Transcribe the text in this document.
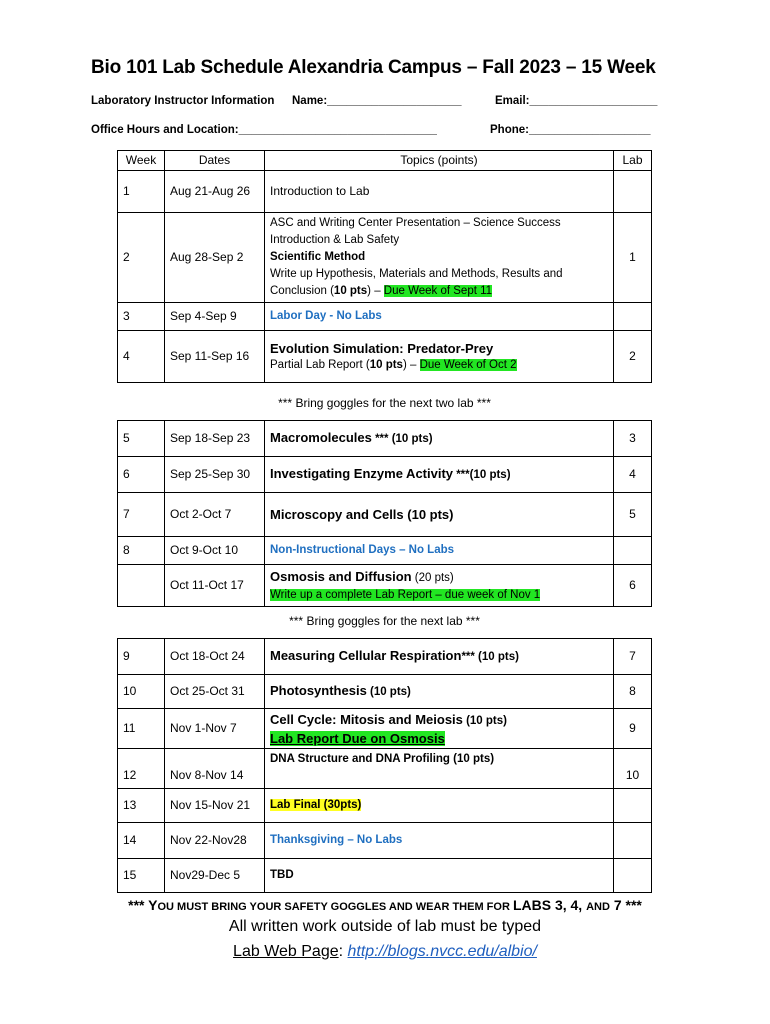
Bio 101 Lab Schedule Alexandria Campus – Fall 2023 – 15 Week
Laboratory Instructor Information Name:_____________________	Email:____________________
Office Hours and Location:_______________________________	Phone:___________________
Week	Dates	Topics (points)	Lab
1	Aug 21-Aug 26	Introduction to Lab	
2	Aug 28-Sep 2	ASC and Writing Center Presentation – Science Success
Introduction & Lab Safety
Scientific Method
Write up Hypothesis, Materials and Methods, Results and
Conclusion (10 pts) – Due Week of Sept 11	1
3	Sep 4-Sep 9	Labor Day - No Labs	
4	Sep 11-Sep 16	Evolution Simulation: Predator-Prey
Partial Lab Report (10 pts) – Due Week of Oct 2	2
*** Bring goggles for the next two lab ***
5	Sep 18-Sep 23	Macromolecules *** (10 pts)	3
6	Sep 25-Sep 30	Investigating Enzyme Activity ***(10 pts)	4
7	Oct 2-Oct 7	Microscopy and Cells (10 pts)	5
8	Oct 9-Oct 10	Non-Instructional Days – No Labs	
	Oct 11-Oct 17	Osmosis and Diffusion (20 pts)
Write up a complete Lab Report – due week of Nov 1	6
*** Bring goggles for the next lab ***
9	Oct 18-Oct 24	Measuring Cellular Respiration*** (10 pts)	7
10	Oct 25-Oct 31	Photosynthesis (10 pts)	8
11	Nov 1-Nov 7	Cell Cycle: Mitosis and Meiosis (10 pts)
Lab Report Due on Osmosis	9
12	Nov 8-Nov 14	DNA Structure and DNA Profiling (10 pts)	10
13	Nov 15-Nov 21	Lab Final (30pts)	
14	Nov 22-Nov28	Thanksgiving – No Labs	
15	Nov29-Dec 5	TBD	
*** YOU MUST BRING YOUR SAFETY GOGGLES AND WEAR THEM FOR LABS 3, 4, AND 7 ***
All written work outside of lab must be typed
Lab Web Page: http://blogs.nvcc.edu/albio/
